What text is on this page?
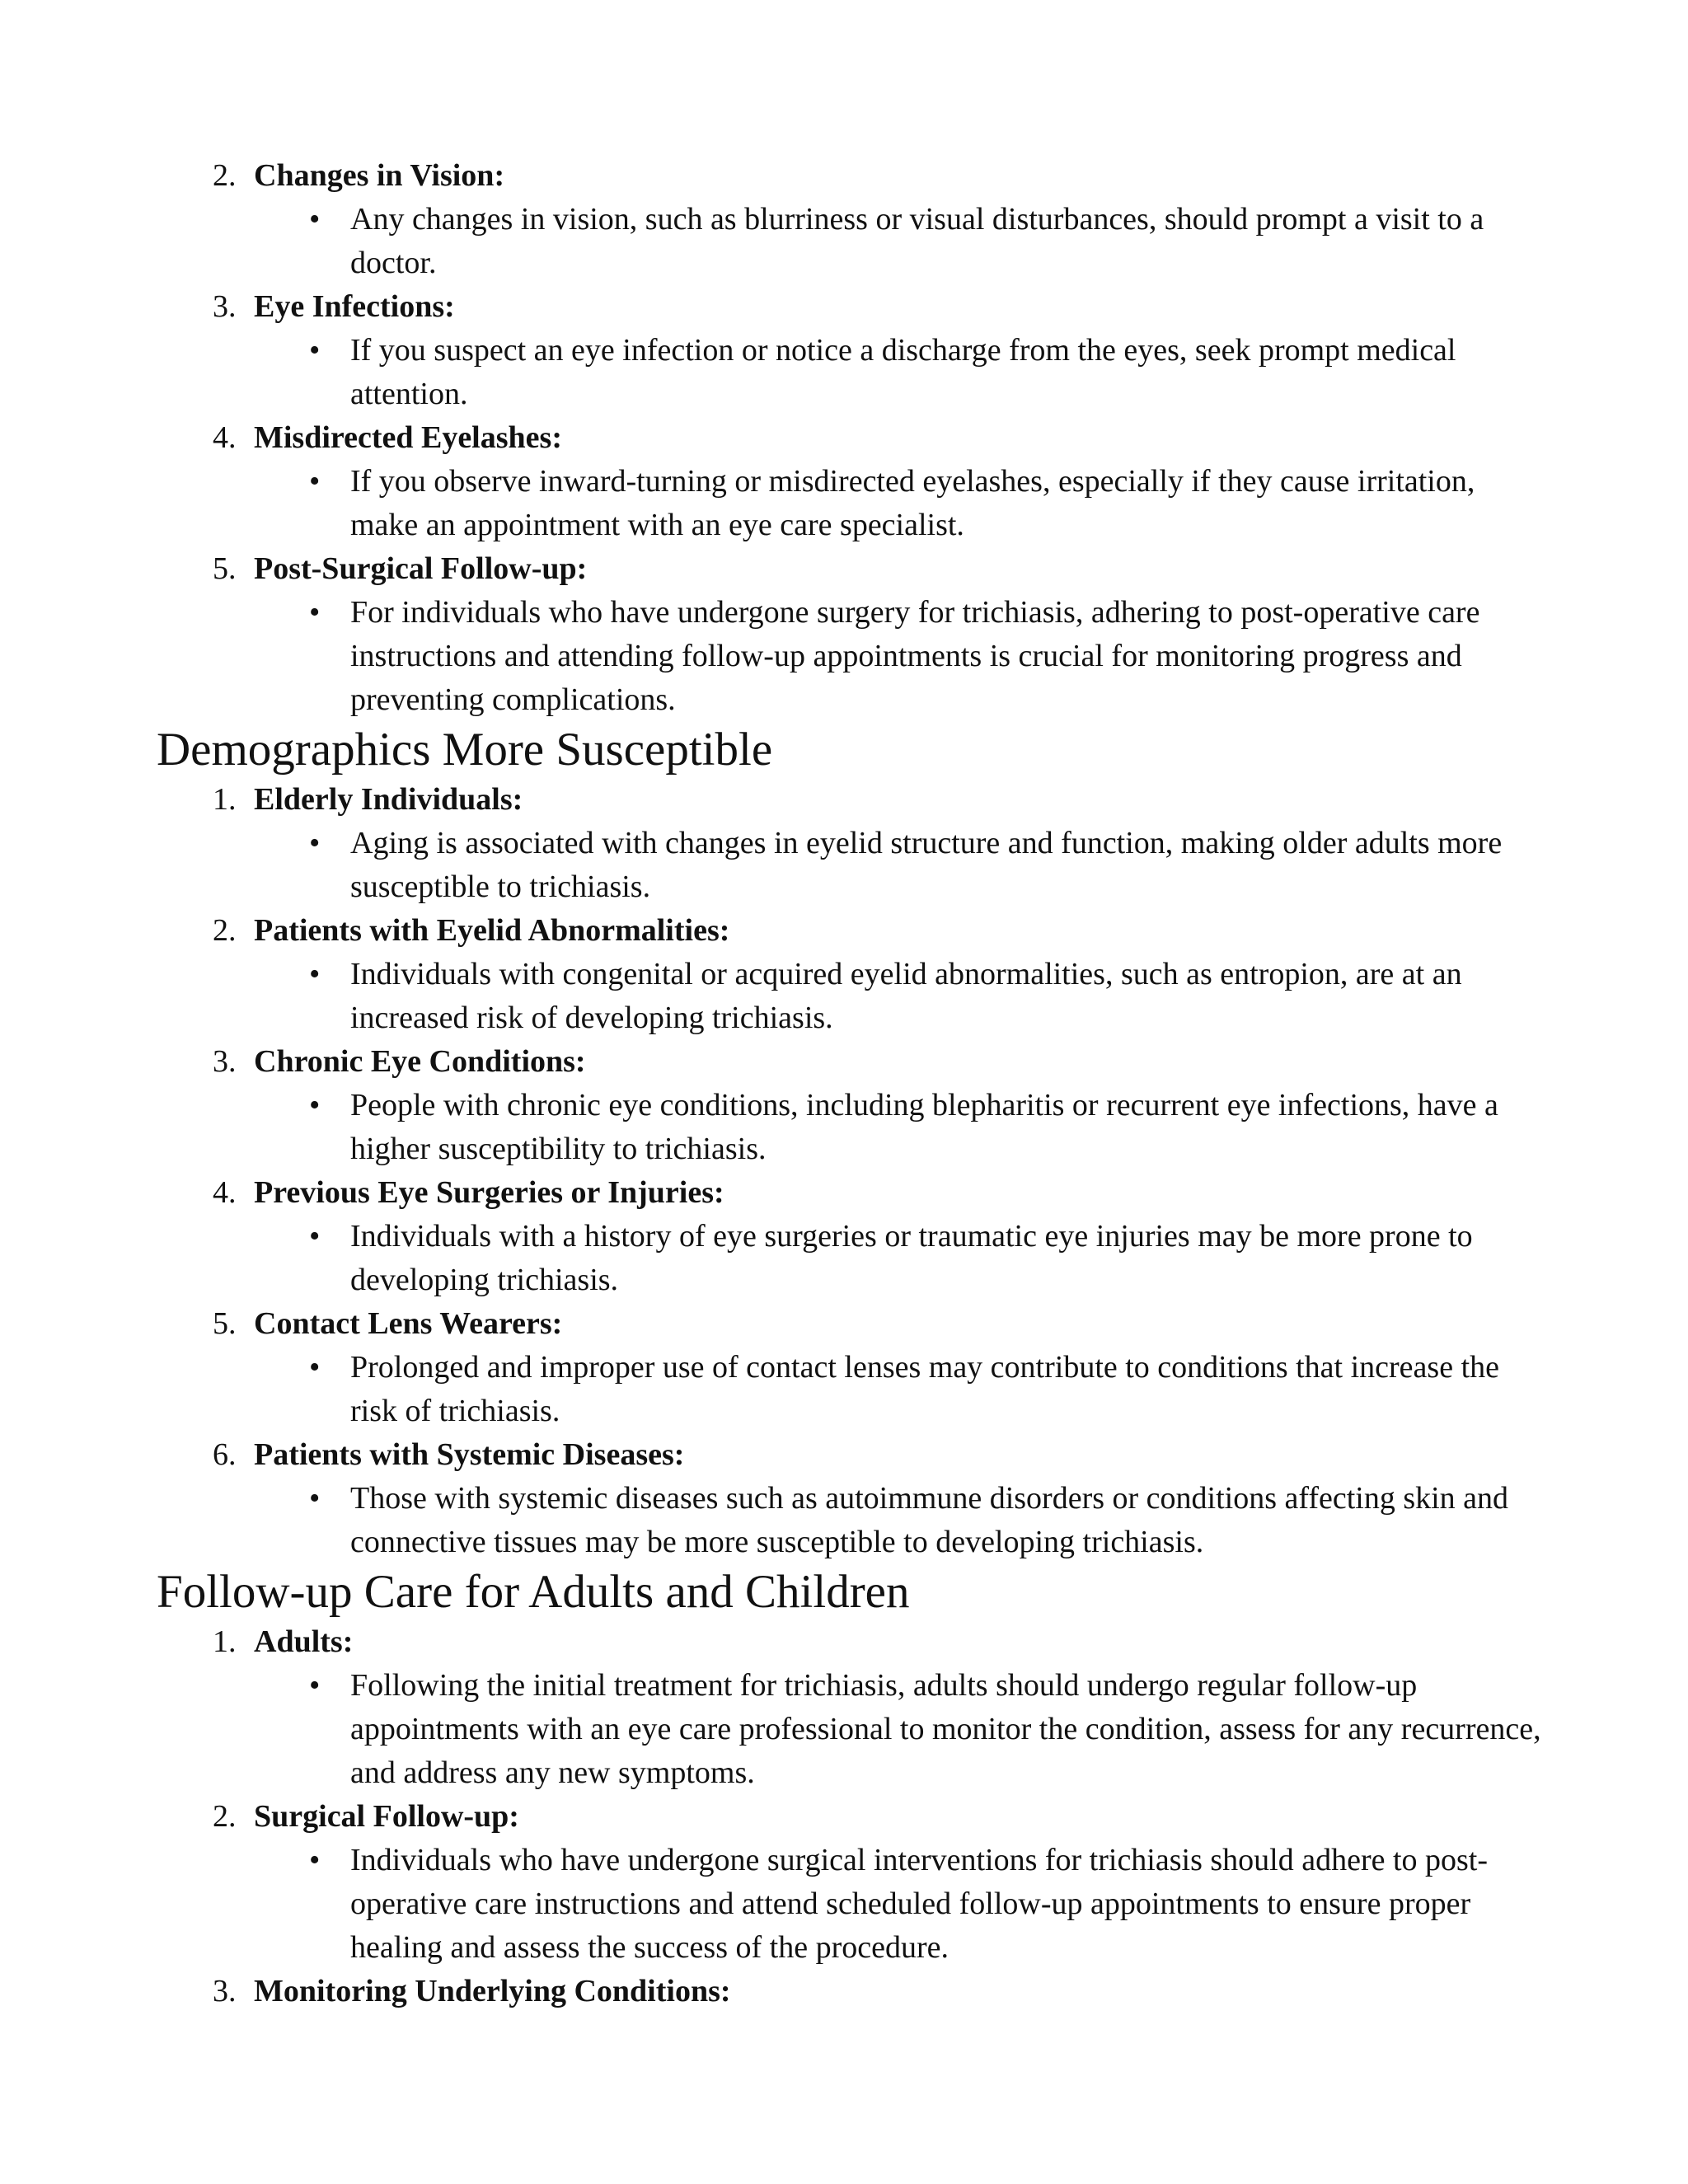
2. Changes in Vision:
• Any changes in vision, such as blurriness or visual disturbances, should prompt a visit to a doctor.
3. Eye Infections:
• If you suspect an eye infection or notice a discharge from the eyes, seek prompt medical attention.
4. Misdirected Eyelashes:
• If you observe inward-turning or misdirected eyelashes, especially if they cause irritation, make an appointment with an eye care specialist.
5. Post-Surgical Follow-up:
• For individuals who have undergone surgery for trichiasis, adhering to post-operative care instructions and attending follow-up appointments is crucial for monitoring progress and preventing complications.
Demographics More Susceptible
1. Elderly Individuals:
• Aging is associated with changes in eyelid structure and function, making older adults more susceptible to trichiasis.
2. Patients with Eyelid Abnormalities:
• Individuals with congenital or acquired eyelid abnormalities, such as entropion, are at an increased risk of developing trichiasis.
3. Chronic Eye Conditions:
• People with chronic eye conditions, including blepharitis or recurrent eye infections, have a higher susceptibility to trichiasis.
4. Previous Eye Surgeries or Injuries:
• Individuals with a history of eye surgeries or traumatic eye injuries may be more prone to developing trichiasis.
5. Contact Lens Wearers:
• Prolonged and improper use of contact lenses may contribute to conditions that increase the risk of trichiasis.
6. Patients with Systemic Diseases:
• Those with systemic diseases such as autoimmune disorders or conditions affecting skin and connective tissues may be more susceptible to developing trichiasis.
Follow-up Care for Adults and Children
1. Adults:
• Following the initial treatment for trichiasis, adults should undergo regular follow-up appointments with an eye care professional to monitor the condition, assess for any recurrence, and address any new symptoms.
2. Surgical Follow-up:
• Individuals who have undergone surgical interventions for trichiasis should adhere to post-operative care instructions and attend scheduled follow-up appointments to ensure proper healing and assess the success of the procedure.
3. Monitoring Underlying Conditions:
